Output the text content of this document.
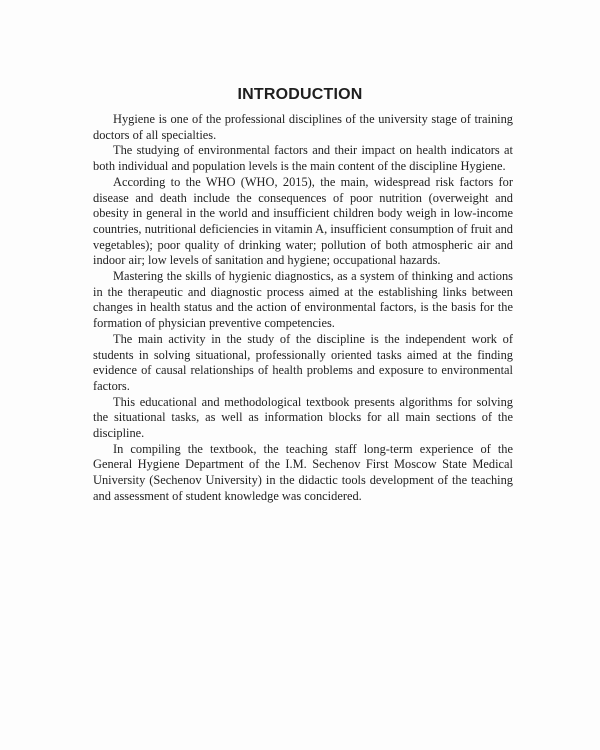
INTRODUCTION

Hygiene is one of the professional disciplines of the university stage of training doctors of all specialties.

The studying of environmental factors and their impact on health indicators at both individual and population levels is the main content of the discipline Hygiene.

According to the WHO (WHO, 2015), the main, widespread risk factors for disease and death include the consequences of poor nutrition (overweight and obesity in general in the world and insufficient children body weigh in low-income countries, nutritional deficiencies in vitamin A, insufficient consumption of fruit and vegetables); poor quality of drinking water; pollution of both atmospheric air and indoor air; low levels of sanitation and hygiene; occupational hazards.

Mastering the skills of hygienic diagnostics, as a system of thinking and actions in the therapeutic and diagnostic process aimed at the establishing links between changes in health status and the action of environmental factors, is the basis for the formation of physician preventive competencies.

The main activity in the study of the discipline is the independent work of students in solving situational, professionally oriented tasks aimed at the finding evidence of causal relationships of health problems and exposure to environmental factors.

This educational and methodological textbook presents algorithms for solving the situational tasks, as well as information blocks for all main sections of the discipline.

In compiling the textbook, the teaching staff long-term experience of the General Hygiene Department of the I.M. Sechenov First Moscow State Medical University (Sechenov University) in the didactic tools development of the teaching and assessment of student knowledge was concidered.
